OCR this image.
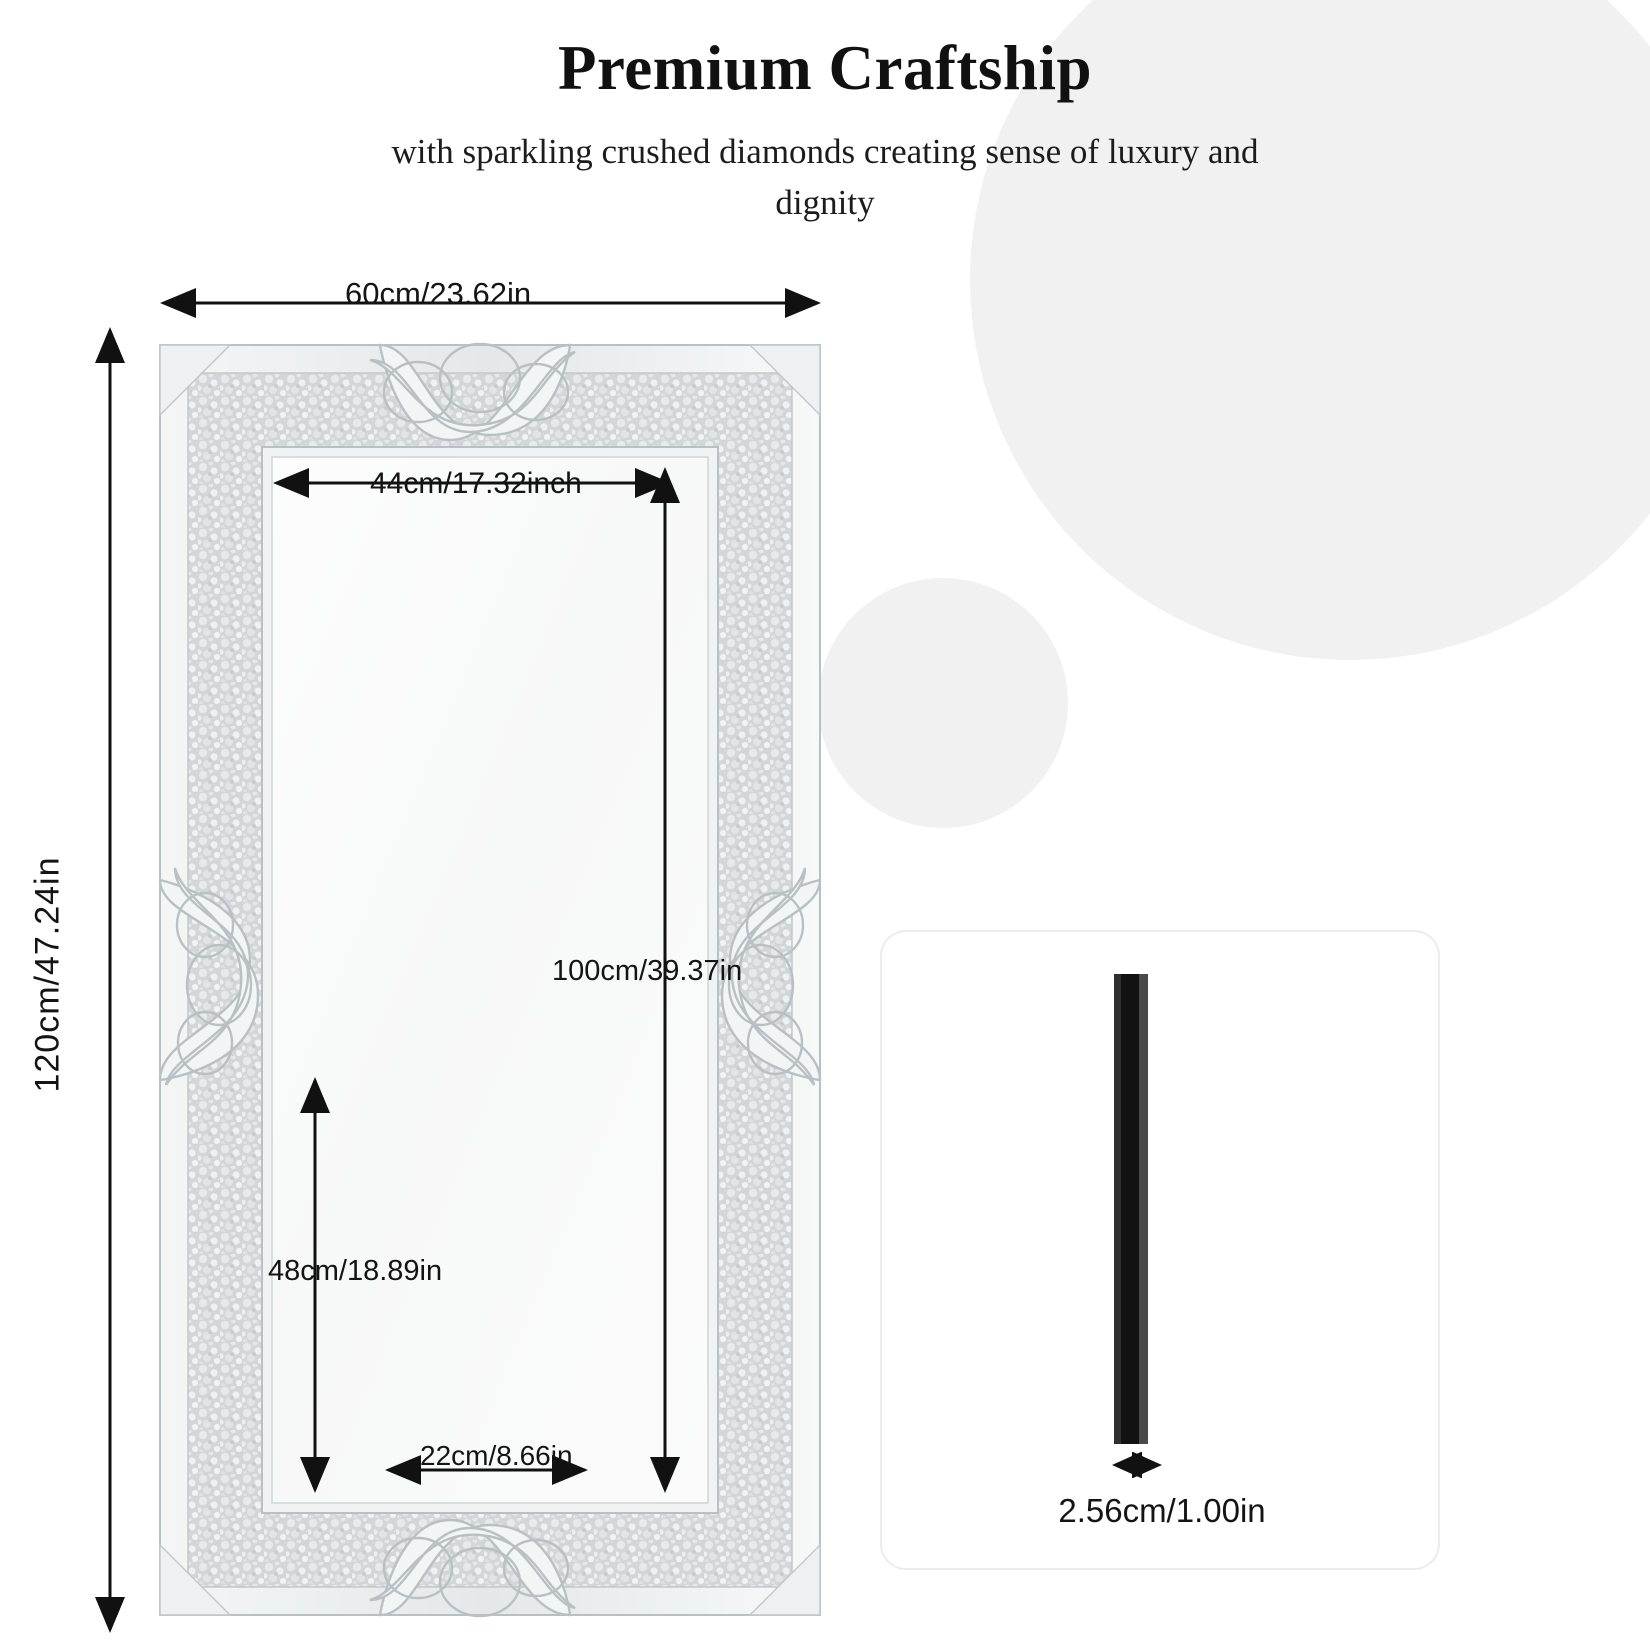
Premium Craftship
with sparkling crushed diamonds creating sense of luxury and dignity
60cm/23.62in
120cm/47.24in
44cm/17.32inch
100cm/39.37in
48cm/18.89in
22cm/8.66in
2.56cm/1.00in
